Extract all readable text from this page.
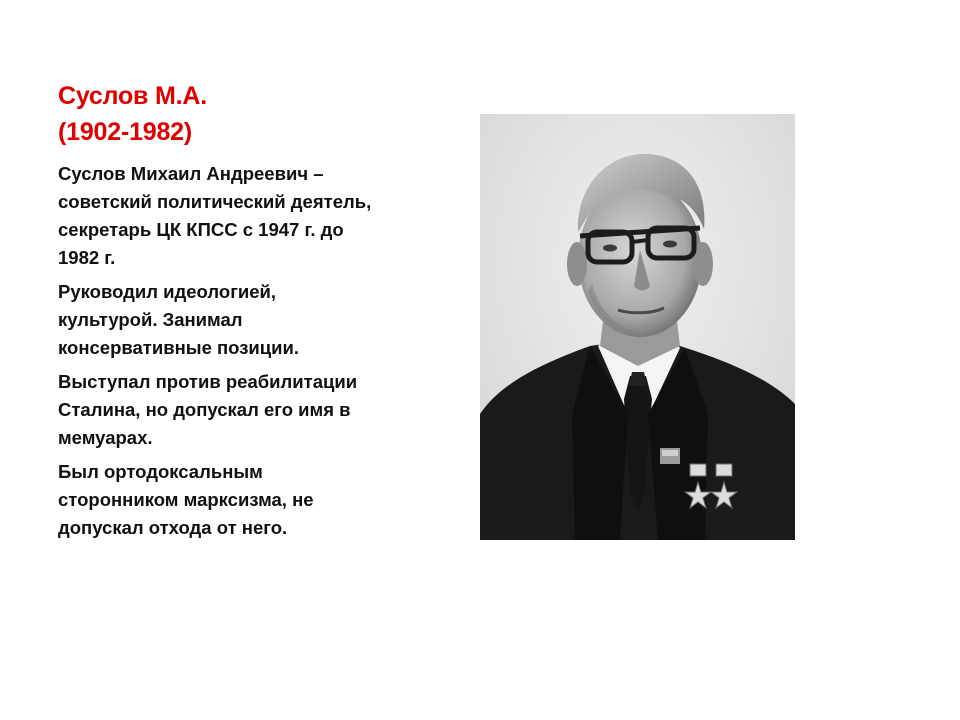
Суслов М.А.
(1902-1982)

Суслов Михаил Андреевич – советский политический деятель, секретарь ЦК КПСС с 1947 г. до 1982 г.

Руководил идеологией, культурой. Занимал консервативные позиции.

Выступал против реабилитации Сталина, но допускал его имя в мемуарах.

Был ортодоксальным сторонником марксизма, не допускал отхода от него.
